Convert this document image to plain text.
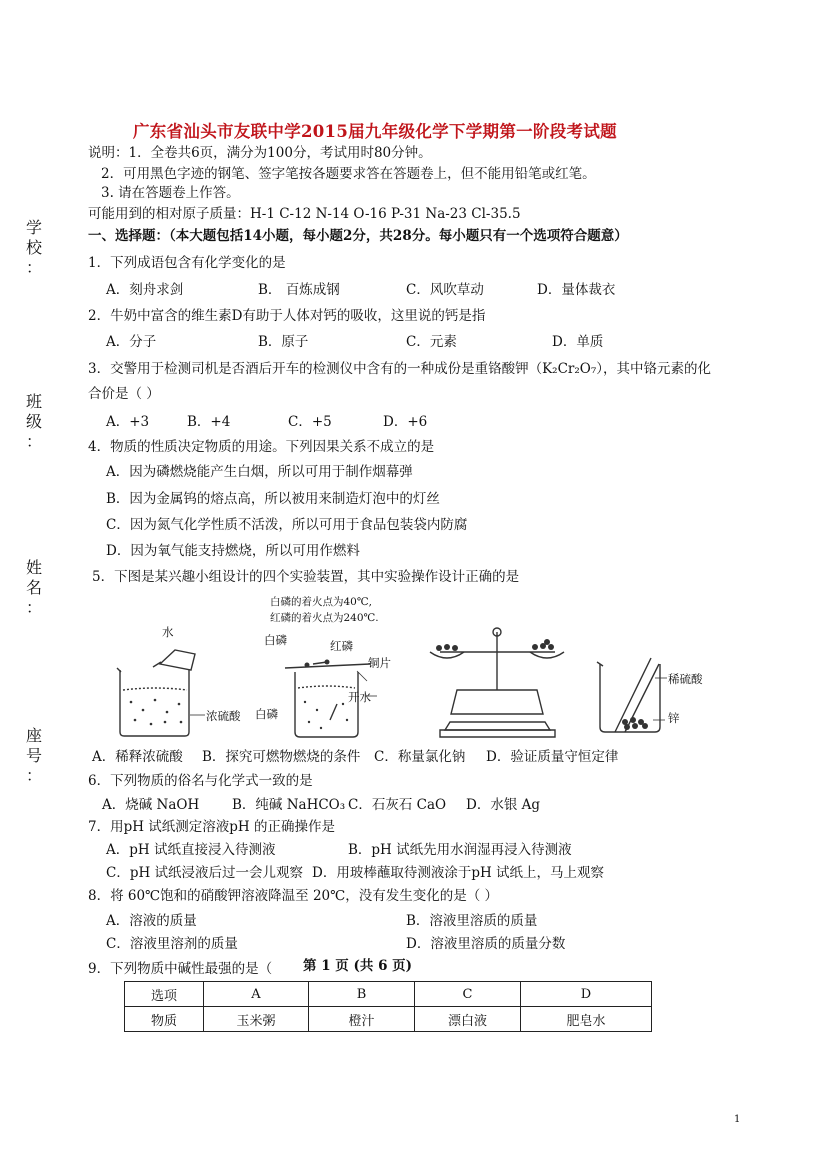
广东省汕头市友联中学2015届九年级化学下学期第一阶段考试题
说明：1．全卷共6页，满分为100分，考试用时80分钟。
2．可用黑色字迹的钢笔、签字笔按各题要求答在答题卷上，但不能用铅笔或红笔。
3. 请在答题卷上作答。
可能用到的相对原子质量：H-1 C-12 N-14 O-16 P-31 Na-23 Cl-35.5
学
校
：
班
级
：
姓
名
：
座
号
：
一、选择题：（本大题包括14小题，每小题2分，共28分。每小题只有一个选项符合题意）
1．下列成语包含有化学变化的是
A．刻舟求剑	B． 百炼成钢	C．风吹草动	D．量体裁衣
2．牛奶中富含的维生素D有助于人体对钙的吸收，这里说的钙是指
A．分子	B．原子	C．元素	D．单质
3．交警用于检测司机是否酒后开车的检测仪中含有的一种成份是重铬酸钾（K₂Cr₂O₇），其中铬元素的化
合价是（ ）
A．+3	B．+4	C．+5	D．+6
4．物质的性质决定物质的用途。下列因果关系不成立的是
A．因为磷燃烧能产生白烟，所以可用于制作烟幕弹
B．因为金属钨的熔点高，所以被用来制造灯泡中的灯丝
C．因为氮气化学性质不活泼，所以可用于食品包装袋内防腐
D．因为氧气能支持燃烧，所以可用作燃料
5．下图是某兴趣小组设计的四个实验装置，其中实验操作设计正确的是
水
浓硫酸
白磷的着火点为40℃,
红磷的着火点为240℃.
白磷	红磷
铜片
开水
白磷
稀硫酸
锌
A．稀释浓硫酸 B．探究可燃物燃烧的条件 C．称量氯化钠 D．验证质量守恒定律
6．下列物质的俗名与化学式一致的是
A．烧碱 NaOH B．纯碱 NaHCO₃ C．石灰石 CaO D．水银 Ag
7．用pH 试纸测定溶液pH 的正确操作是
A．pH 试纸直接浸入待测液	B．pH 试纸先用水润湿再浸入待测液
C．pH 试纸浸液后过一会儿观察 D．用玻棒蘸取待测液涂于pH 试纸上，马上观察
8．将 60℃饱和的硝酸钾溶液降温至 20℃，没有发生变化的是（ ）
A．溶液的质量	B．溶液里溶质的质量
C．溶液里溶剂的质量	D．溶液里溶质的质量分数
9．下列物质中碱性最强的是（ 第 1 页 (共 6 页)
选项	A	B	C	D
物质	玉米粥	橙汁	漂白液	肥皂水
1
